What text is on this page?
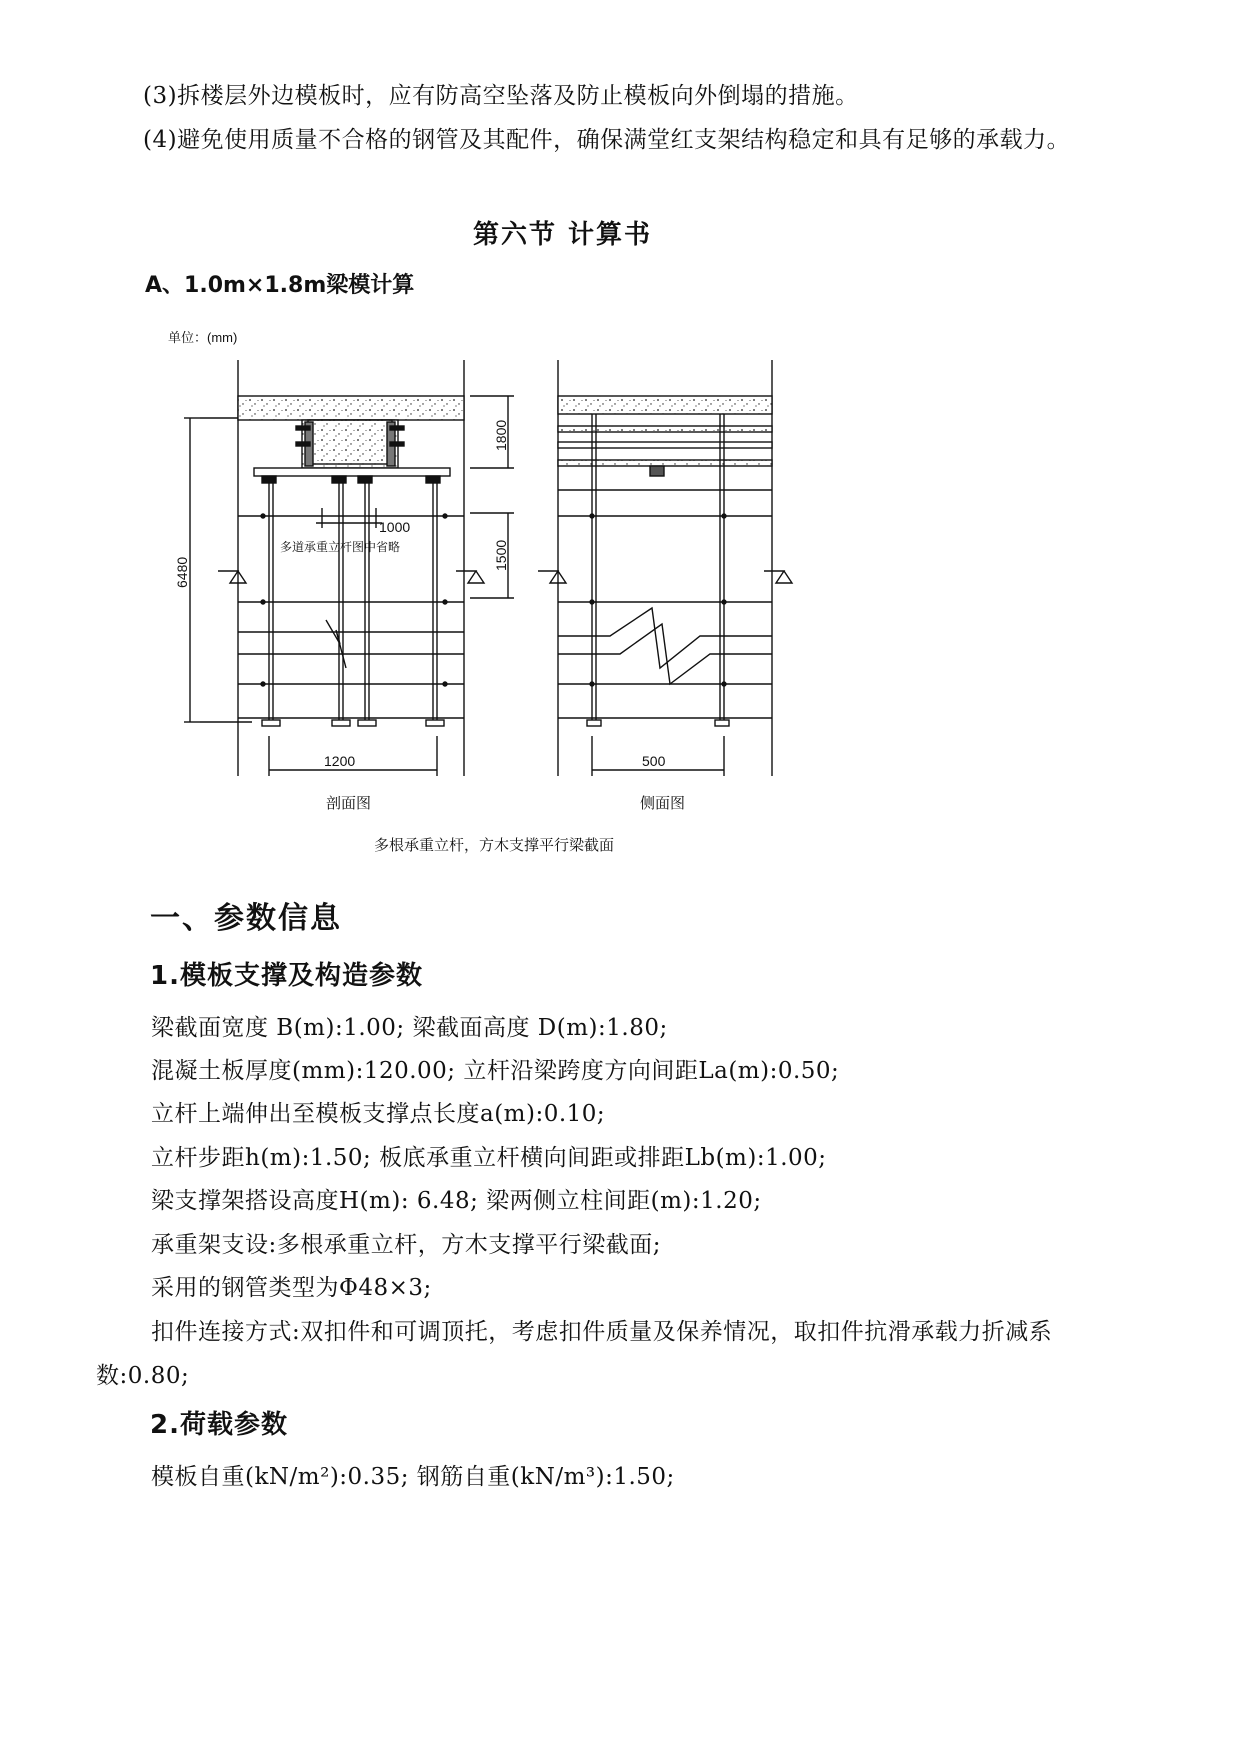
(3)拆楼层外边模板时，应有防高空坠落及防止模板向外倒塌的措施。
(4)避免使用质量不合格的钢管及其配件，确保满堂红支架结构稳定和具有足够的承载力。
第六节 计算书
A、1.0m×1.8m梁模计算
单位：(mm)
6480
1800
1500
1000
多道承重立杆图中省略
1200
剖面图
500
侧面图
多根承重立杆，方木支撑平行梁截面
一、参数信息
1.模板支撑及构造参数
梁截面宽度 B(m):1.00; 梁截面高度 D(m):1.80;
混凝土板厚度(mm):120.00; 立杆沿梁跨度方向间距La(m):0.50;
立杆上端伸出至模板支撑点长度a(m):0.10;
立杆步距h(m):1.50; 板底承重立杆横向间距或排距Lb(m):1.00;
梁支撑架搭设高度H(m): 6.48; 梁两侧立柱间距(m):1.20;
承重架支设:多根承重立杆，方木支撑平行梁截面;
采用的钢管类型为Φ48×3;
扣件连接方式:双扣件和可调顶托，考虑扣件质量及保养情况，取扣件抗滑承载力折减系
数:0.80;
2.荷载参数
模板自重(kN/m²):0.35; 钢筋自重(kN/m³):1.50;
